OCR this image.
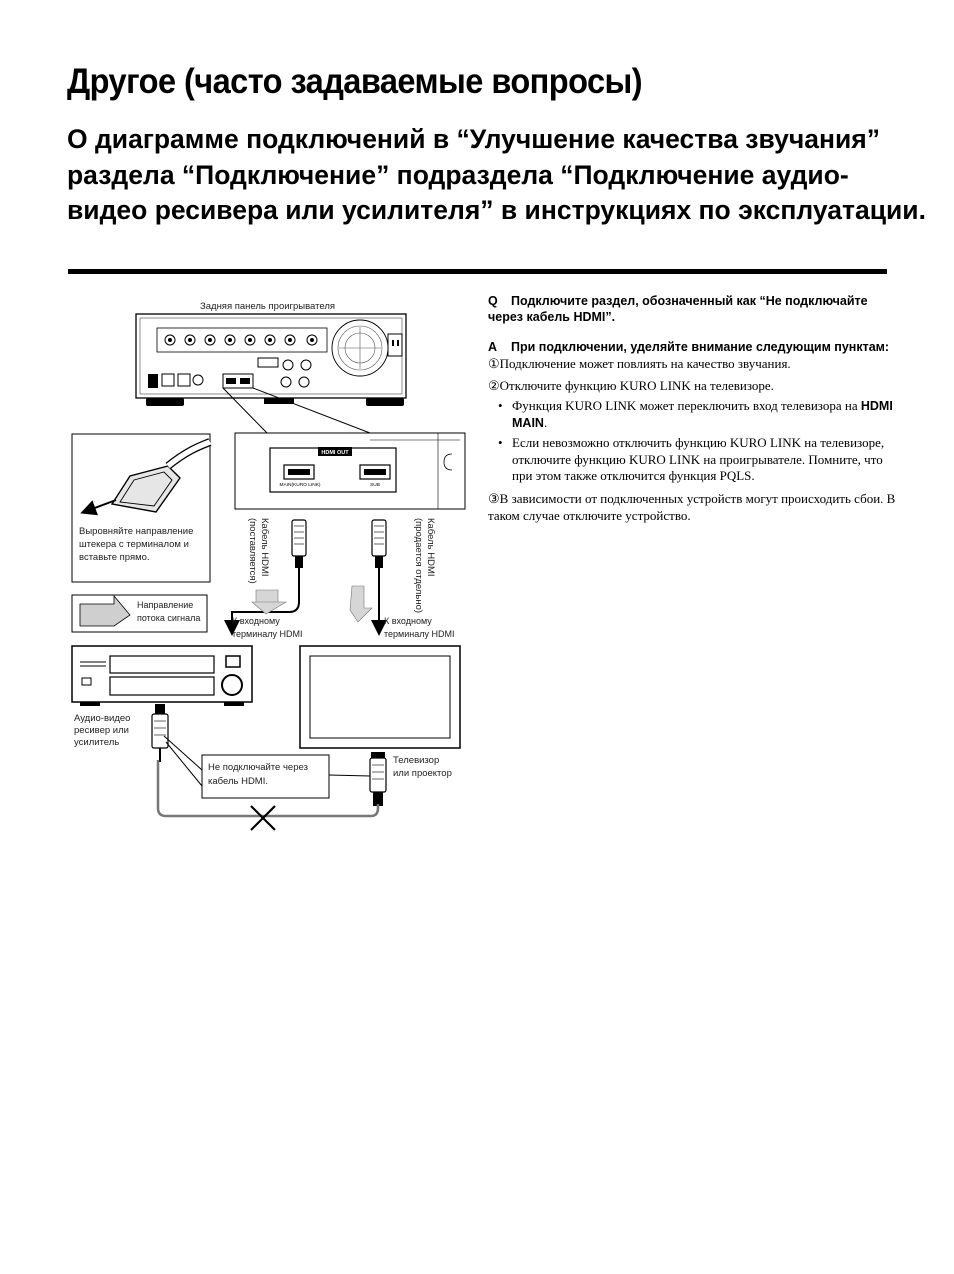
Другое (часто задаваемые вопросы)
О диаграмме подключений в “Улучшение качества звучания” раздела “Подключение” подраздела “Подключение аудио-видео ресивера или усилителя” в инструкциях по эксплуатации.
Задняя панель проигрывателя
HDMI OUT
MAIN(KURO LINK)	SUB
Выровняйте направление штекера с терминалом и вставьте прямо.
Направление потока сигнала
Кабель HDMI (поставляется)	Кабель HDMI (продается отдельно)
К входному терминалу HDMI
К входному терминалу HDMI
Аудио-видео ресивер или усилитель
Телевизор или проектор
Не подключайте через кабель HDMI.

Q Подключите раздел, обозначенный как “Не подключайте через кабель HDMI”.

A При подключении, уделяйте внимание следующим пунктам:

①Подключение может повлиять на качество звучания.

②Отключите функцию KURO LINK на телевизоре.

• Функция KURO LINK может переключить вход телевизора на HDMI MAIN.
• Если невозможно отключить функцию KURO LINK на телевизоре, отключите функцию KURO LINK на проигрывателе. Помните, что при этом также отключится функция PQLS.

③В зависимости от подключенных устройств могут происходить сбои. В таком случае отключите устройство.
